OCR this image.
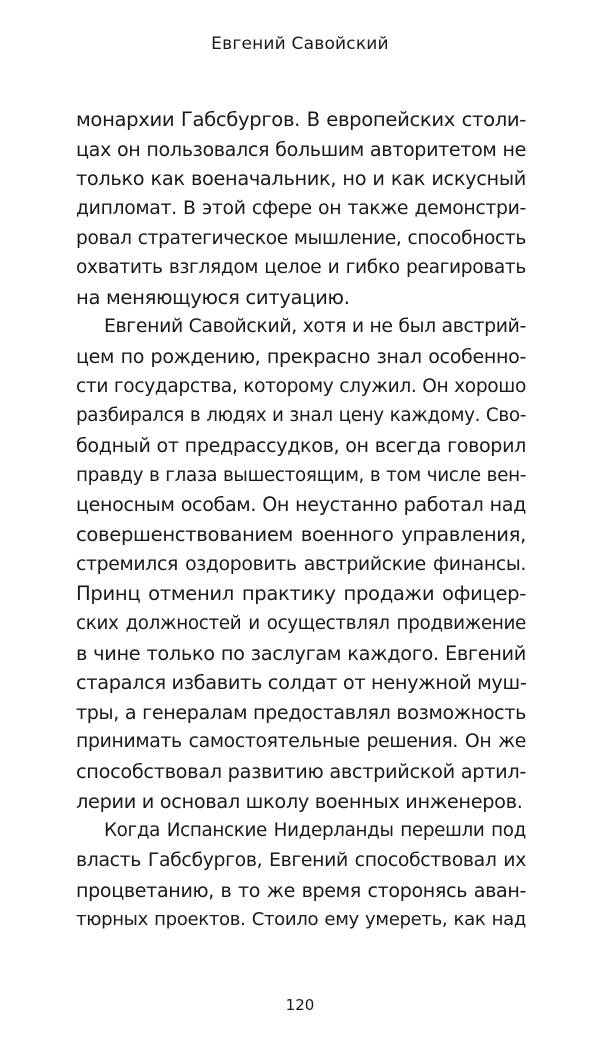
Евгений Савойский
монархии Габсбургов. В европейских столи-
цах он пользовался большим авторитетом не
только как военачальник, но и как искусный
дипломат. В этой сфере он также демонстри-
ровал стратегическое мышление, способность
охватить взглядом целое и гибко реагировать
на меняющуюся ситуацию.
Евгений Савойский, хотя и не был австрий-
цем по рождению, прекрасно знал особенно-
сти государства, которому служил. Он хорошо
разбирался в людях и знал цену каждому. Сво-
бодный от предрассудков, он всегда говорил
правду в глаза вышестоящим, в том числе вен-
ценосным особам. Он неустанно работал над
совершенствованием военного управления,
стремился оздоровить австрийские финансы.
Принц отменил практику продажи офицер-
ских должностей и осуществлял продвижение
в чине только по заслугам каждого. Евгений
старался избавить солдат от ненужной муш-
тры, а генералам предоставлял возможность
принимать самостоятельные решения. Он же
способствовал развитию австрийской артил-
лерии и основал школу военных инженеров.
Когда Испанские Нидерланды перешли под
власть Габсбургов, Евгений способствовал их
процветанию, в то же время сторонясь аван-
тюрных проектов. Стоило ему умереть, как над
120
